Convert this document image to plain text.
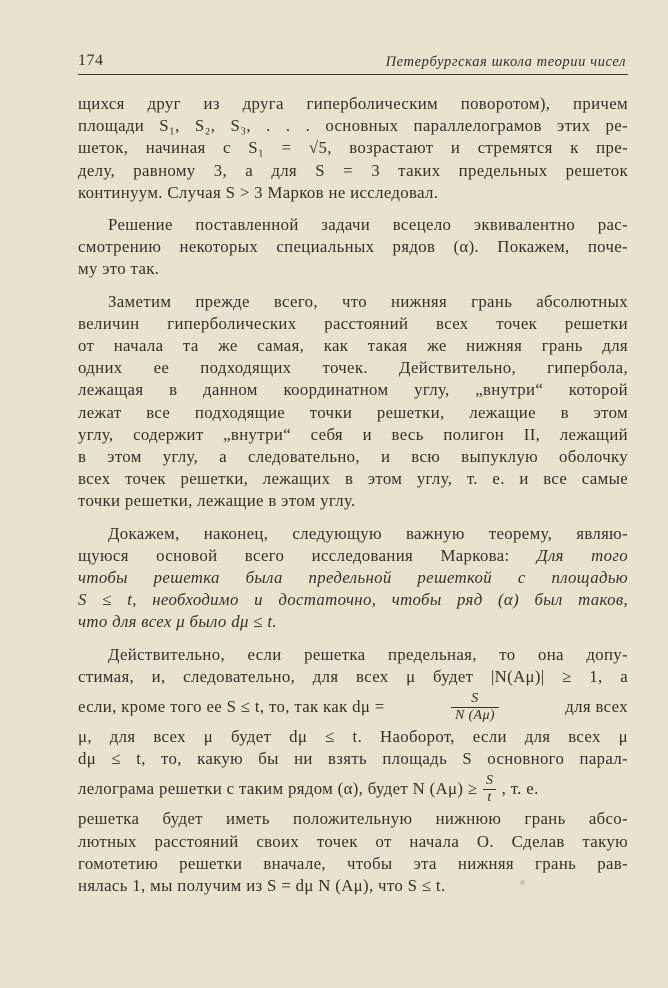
174	Петербургская школа теории чисел
щихся друг из друга гиперболическим поворотом), причем
площади S₁, S₂, S₃, . . . основных параллелограмов этих ре-
шеток, начиная с S₁ = √5, возрастают и стремятся к пре-
делу, равному 3, а для S = 3 таких предельных решеток
континуум. Случая S > 3 Марков не исследовал.
Решение поставленной задачи всецело эквивалентно рас-
смотрению некоторых специальных рядов (α). Покажем, поче-
му это так.
Заметим прежде всего, что нижняя грань абсолютных
величин гиперболических расстояний всех точек решетки
от начала та же самая, как такая же нижняя грань для
одних ее подходящих точек. Действительно, гипербола,
лежащая в данном координатном углу, „внутри“ которой
лежат все подходящие точки решетки, лежащие в этом
углу, содержит „внутри“ себя и весь полигон II, лежащий
в этом углу, а следовательно, и всю выпуклую оболочку
всех точек решетки, лежащих в этом углу, т. е. и все самые
точки решетки, лежащие в этом углу.
Докажем, наконец, следующую важную теорему, являю-
щуюся основой всего исследования Маркова: Для того
чтобы решетка была предельной решеткой с площадью
S ≤ t, необходимо и достаточно, чтобы ряд (α) был таков,
что для всех μ было dμ ≤ t.
Действительно, если решетка предельная, то она допу-
стимая, и, следовательно, для всех μ будет |N(Aμ)| ≥ 1, а
если, кроме того ее S ≤ t, то, так как dμ =	$\frac{S}{N (A\mu)}$	для всех
μ, для всех μ будет dμ ≤ t. Наоборот, если для всех μ
dμ ≤ t, то, какую бы ни взять площадь S основного парал-
лелограма решетки с таким рядом (α), будет N $(A\mu) \ge \frac{S}{t}$ , т. е.
решетка будет иметь положительную нижнюю грань абсо-
лютных расстояний своих точек от начала O. Сделав такую
гомотетию решетки вначале, чтобы эта нижняя грань рав-
нялась 1, мы получим из S = dμ N (Aμ), что S ≤ t.
